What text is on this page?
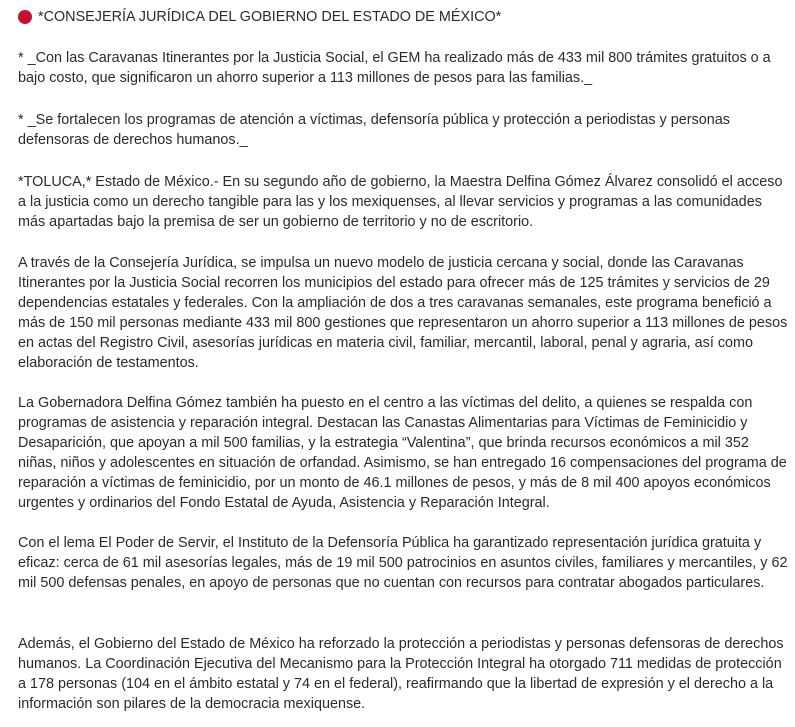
*CONSEJERÍA JURÍDICA DEL GOBIERNO DEL ESTADO DE MÉXICO*

* _Con las Caravanas Itinerantes por la Justicia Social, el GEM ha realizado más de 433 mil 800 trámites gratuitos o a bajo costo, que significaron un ahorro superior a 113 millones de pesos para las familias._

* _Se fortalecen los programas de atención a víctimas, defensoría pública y protección a periodistas y personas defensoras de derechos humanos._

*TOLUCA,* Estado de México.- En su segundo año de gobierno, la Maestra Delfina Gómez Álvarez consolidó el acceso a la justicia como un derecho tangible para las y los mexiquenses, al llevar servicios y programas a las comunidades más apartadas bajo la premisa de ser un gobierno de territorio y no de escritorio.

A través de la Consejería Jurídica, se impulsa un nuevo modelo de justicia cercana y social, donde las Caravanas Itinerantes por la Justicia Social recorren los municipios del estado para ofrecer más de 125 trámites y servicios de 29 dependencias estatales y federales. Con la ampliación de dos a tres caravanas semanales, este programa benefició a más de 150 mil personas mediante 433 mil 800 gestiones que representaron un ahorro superior a 113 millones de pesos en actas del Registro Civil, asesorías jurídicas en materia civil, familiar, mercantil, laboral, penal y agraria, así como elaboración de testamentos.

La Gobernadora Delfina Gómez también ha puesto en el centro a las víctimas del delito, a quienes se respalda con programas de asistencia y reparación integral. Destacan las Canastas Alimentarias para Víctimas de Feminicidio y Desaparición, que apoyan a mil 500 familias, y la estrategia “Valentina”, que brinda recursos económicos a mil 352 niñas, niños y adolescentes en situación de orfandad. Asimismo, se han entregado 16 compensaciones del programa de reparación a víctimas de feminicidio, por un monto de 46.1 millones de pesos, y más de 8 mil 400 apoyos económicos urgentes y ordinarios del Fondo Estatal de Ayuda, Asistencia y Reparación Integral.

Con el lema El Poder de Servir, el Instituto de la Defensoría Pública ha garantizado representación jurídica gratuita y eficaz: cerca de 61 mil asesorías legales, más de 19 mil 500 patrocinios en asuntos civiles, familiares y mercantiles, y 62 mil 500 defensas penales, en apoyo de personas que no cuentan con recursos para contratar abogados particulares.

Además, el Gobierno del Estado de México ha reforzado la protección a periodistas y personas defensoras de derechos humanos. La Coordinación Ejecutiva del Mecanismo para la Protección Integral ha otorgado 711 medidas de protección a 178 personas (104 en el ámbito estatal y 74 en el federal), reafirmando que la libertad de expresión y el derecho a la información son pilares de la democracia mexiquense.
